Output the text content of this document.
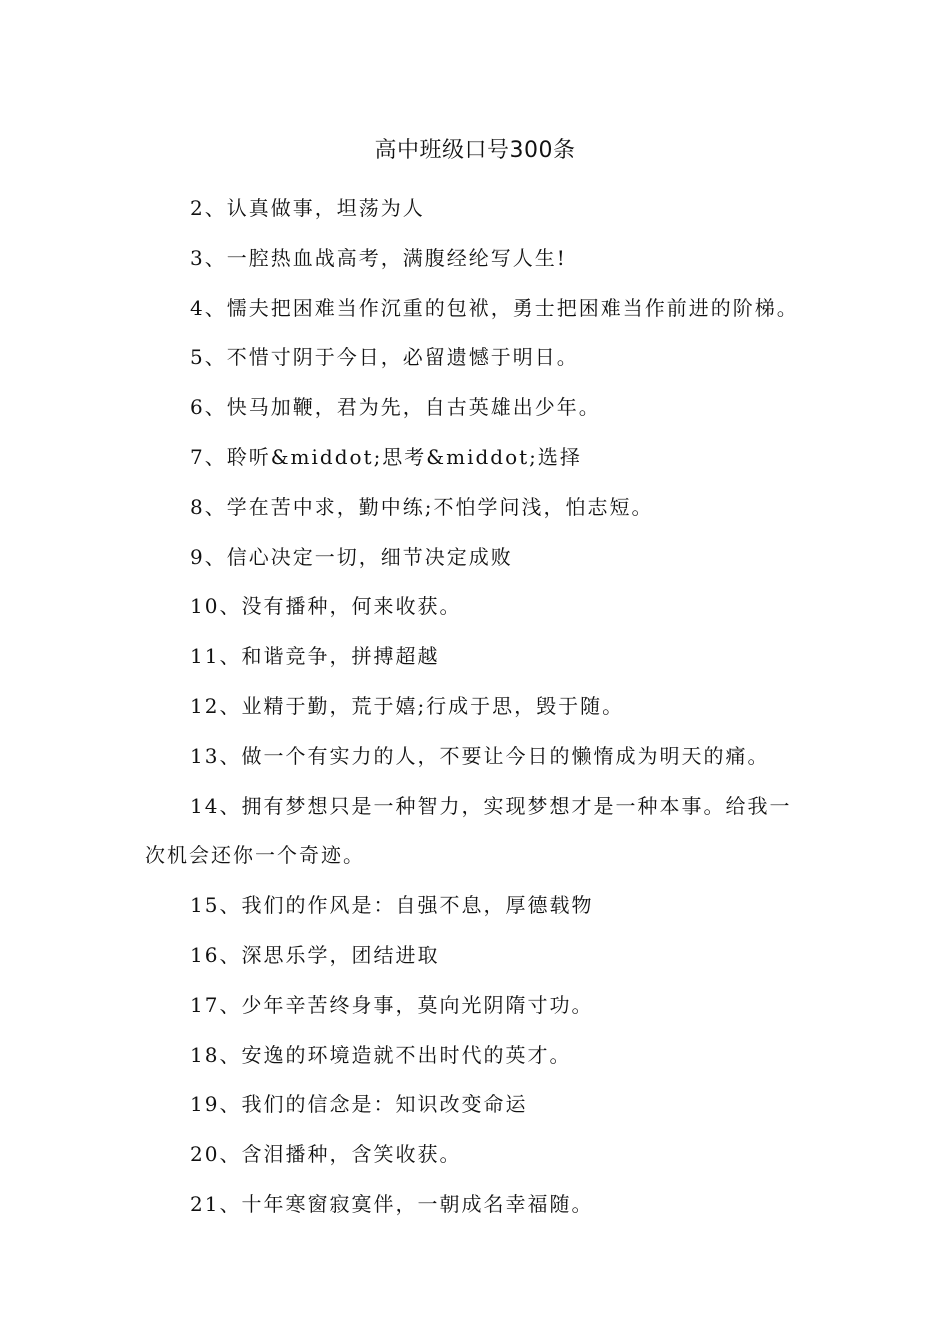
高中班级口号300条
2、认真做事，坦荡为人
3、一腔热血战高考，满腹经纶写人生!
4、懦夫把困难当作沉重的包袱，勇士把困难当作前进的阶梯。
5、不惜寸阴于今日，必留遗憾于明日。
6、快马加鞭，君为先，自古英雄出少年。
7、聆听&middot;思考&middot;选择
8、学在苦中求，勤中练;不怕学问浅，怕志短。
9、信心决定一切，细节决定成败
10、没有播种，何来收获。
11、和谐竞争，拼搏超越
12、业精于勤，荒于嬉;行成于思，毁于随。
13、做一个有实力的人，不要让今日的懒惰成为明天的痛。
14、拥有梦想只是一种智力，实现梦想才是一种本事。给我一
次机会还你一个奇迹。
15、我们的作风是：自强不息，厚德载物
16、深思乐学，团结进取
17、少年辛苦终身事，莫向光阴隋寸功。
18、安逸的环境造就不出时代的英才。
19、我们的信念是：知识改变命运
20、含泪播种，含笑收获。
21、十年寒窗寂寞伴，一朝成名幸福随。
